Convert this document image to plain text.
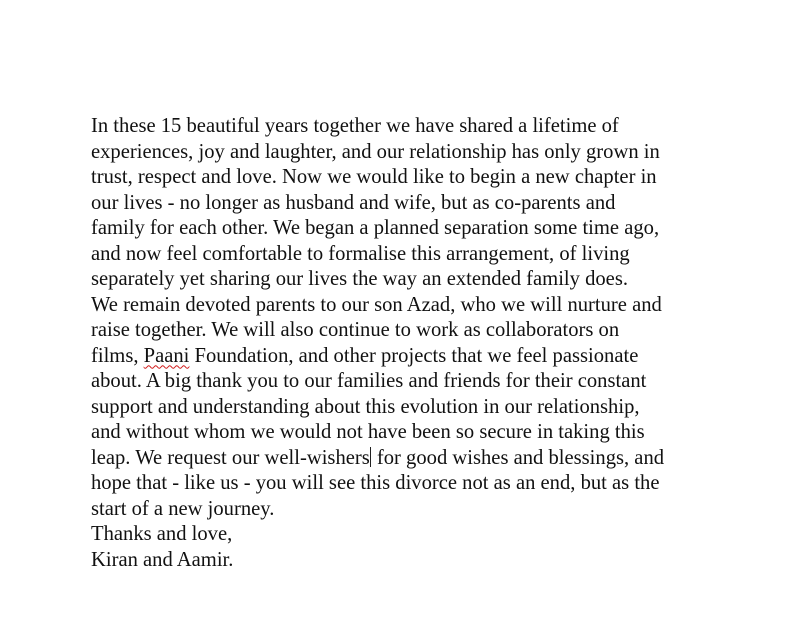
In these 15 beautiful years together we have shared a lifetime of
experiences, joy and laughter, and our relationship has only grown in
trust, respect and love. Now we would like to begin a new chapter in
our lives - no longer as husband and wife, but as co-parents and
family for each other. We began a planned separation some time ago,
and now feel comfortable to formalise this arrangement, of living
separately yet sharing our lives the way an extended family does.
We remain devoted parents to our son Azad, who we will nurture and
raise together. We will also continue to work as collaborators on
films, Paani Foundation, and other projects that we feel passionate
about. A big thank you to our families and friends for their constant
support and understanding about this evolution in our relationship,
and without whom we would not have been so secure in taking this
leap. We request our well-wishers for good wishes and blessings, and
hope that - like us - you will see this divorce not as an end, but as the
start of a new journey.
Thanks and love,
Kiran and Aamir.
